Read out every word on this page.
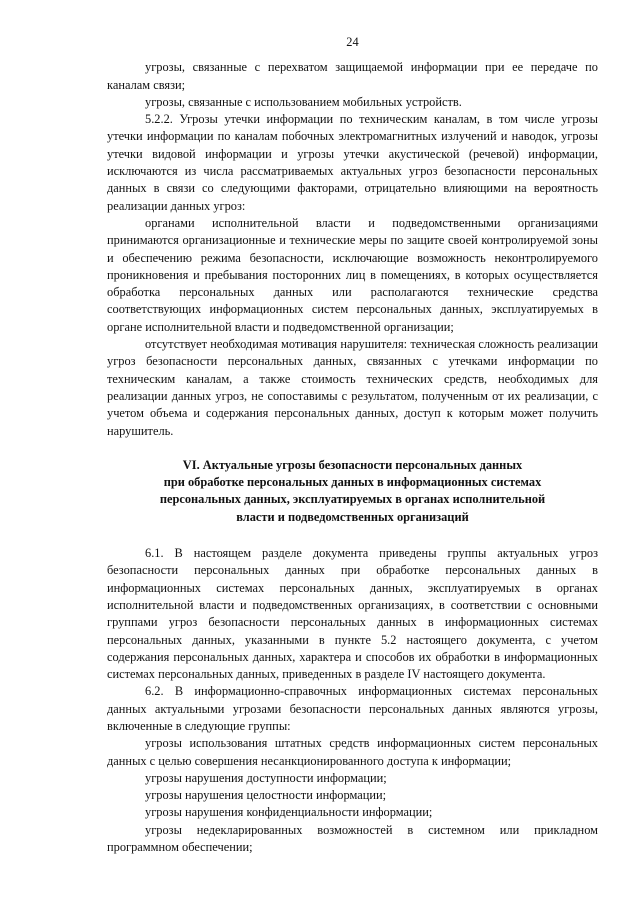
24

угрозы, связанные с перехватом защищаемой информации при ее передаче по каналам связи;

угрозы, связанные с использованием мобильных устройств.

5.2.2. Угрозы утечки информации по техническим каналам, в том числе угрозы утечки информации по каналам побочных электромагнитных излучений и наводок, угрозы утечки видовой информации и угрозы утечки акустической (речевой) информации, исключаются из числа рассматриваемых актуальных угроз безопасности персональных данных в связи со следующими факторами, отрицательно влияющими на вероятность реализации данных угроз:

органами исполнительной власти и подведомственными организациями принимаются организационные и технические меры по защите своей контролируемой зоны и обеспечению режима безопасности, исключающие возможность неконтролируемого проникновения и пребывания посторонних лиц в помещениях, в которых осуществляется обработка персональных данных или располагаются технические средства соответствующих информационных систем персональных данных, эксплуатируемых в органе исполнительной власти и подведомственной организации;

отсутствует необходимая мотивация нарушителя: техническая сложность реализации угроз безопасности персональных данных, связанных с утечками информации по техническим каналам, а также стоимость технических средств, необходимых для реализации данных угроз, не сопоставимы с результатом, полученным от их реализации, с учетом объема и содержания персональных данных, доступ к которым может получить нарушитель.

VI. Актуальные угрозы безопасности персональных данных
при обработке персональных данных в информационных системах
персональных данных, эксплуатируемых в органах исполнительной
власти и подведомственных организаций

6.1. В настоящем разделе документа приведены группы актуальных угроз безопасности персональных данных при обработке персональных данных в информационных системах персональных данных, эксплуатируемых в органах исполнительной власти и подведомственных организациях, в соответствии с основными группами угроз безопасности персональных данных в информационных системах персональных данных, указанными в пункте 5.2 настоящего документа, с учетом содержания персональных данных, характера и способов их обработки в информационных системах персональных данных, приведенных в разделе IV настоящего документа.

6.2. В информационно-справочных информационных системах персональных данных актуальными угрозами безопасности персональных данных являются угрозы, включенные в следующие группы:

угрозы использования штатных средств информационных систем персональных данных с целью совершения несанкционированного доступа к информации;

угрозы нарушения доступности информации;

угрозы нарушения целостности информации;

угрозы нарушения конфиденциальности информации;

угрозы недекларированных возможностей в системном или прикладном программном обеспечении;
